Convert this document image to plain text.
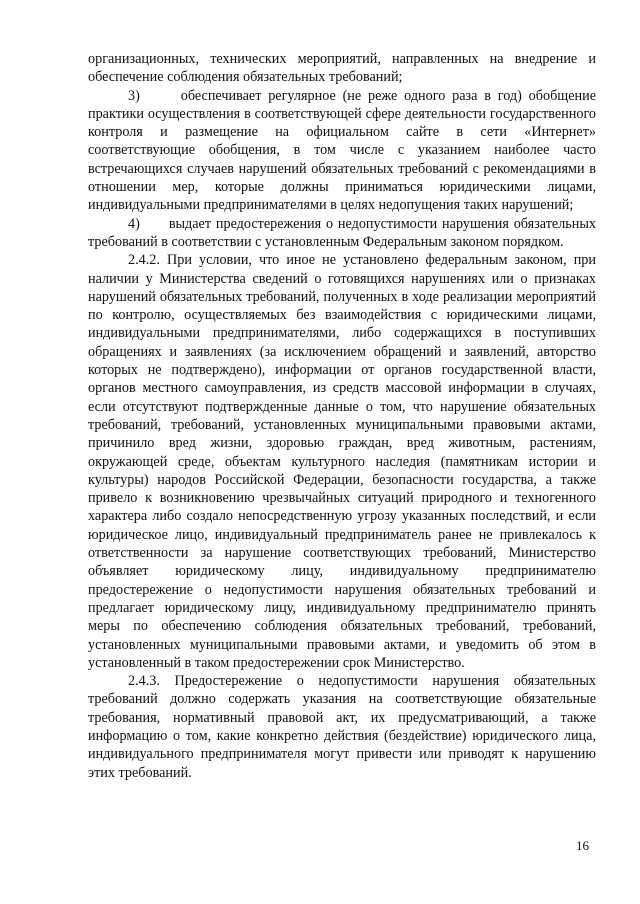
организационных, технических мероприятий, направленных на внедрение и обеспечение соблюдения обязательных требований;

3)      обеспечивает регулярное (не реже одного раза в год) обобщение практики осуществления в соответствующей сфере деятельности государственного контроля и размещение на официальном сайте в сети «Интернет» соответствующие обобщения, в том числе с указанием наиболее часто встречающихся случаев нарушений обязательных требований с рекомендациями в отношении мер, которые должны приниматься юридическими лицами, индивидуальными предпринимателями в целях недопущения таких нарушений;

4)      выдает предостережения о недопустимости нарушения обязательных требований в соответствии с установленным Федеральным законом порядком.

2.4.2. При условии, что иное не установлено федеральным законом, при наличии у Министерства сведений о готовящихся нарушениях или о признаках нарушений обязательных требований, полученных в ходе реализации мероприятий по контролю, осуществляемых без взаимодействия с юридическими лицами, индивидуальными предпринимателями, либо содержащихся в поступивших обращениях и заявлениях (за исключением обращений и заявлений, авторство которых не подтверждено), информации от органов государственной власти, органов местного самоуправления, из средств массовой информации в случаях, если отсутствуют подтвержденные данные о том, что нарушение обязательных требований, требований, установленных муниципальными правовыми актами, причинило вред жизни, здоровью граждан, вред животным, растениям, окружающей среде, объектам культурного наследия (памятникам истории и культуры) народов Российской Федерации, безопасности государства, а также привело к возникновению чрезвычайных ситуаций природного и техногенного характера либо создало непосредственную угрозу указанных последствий, и если юридическое лицо, индивидуальный предприниматель ранее не привлекалось к ответственности за нарушение соответствующих требований, Министерство объявляет юридическому лицу, индивидуальному предпринимателю предостережение о недопустимости нарушения обязательных требований и предлагает юридическому лицу, индивидуальному предпринимателю принять меры по обеспечению соблюдения обязательных требований, требований, установленных муниципальными правовыми актами, и уведомить об этом в установленный в таком предостережении срок Министерство.

2.4.3. Предостережение о недопустимости нарушения обязательных требований должно содержать указания на соответствующие обязательные требования, нормативный правовой акт, их предусматривающий, а также информацию о том, какие конкретно действия (бездействие) юридического лица, индивидуального предпринимателя могут привести или приводят к нарушению этих требований.

16
